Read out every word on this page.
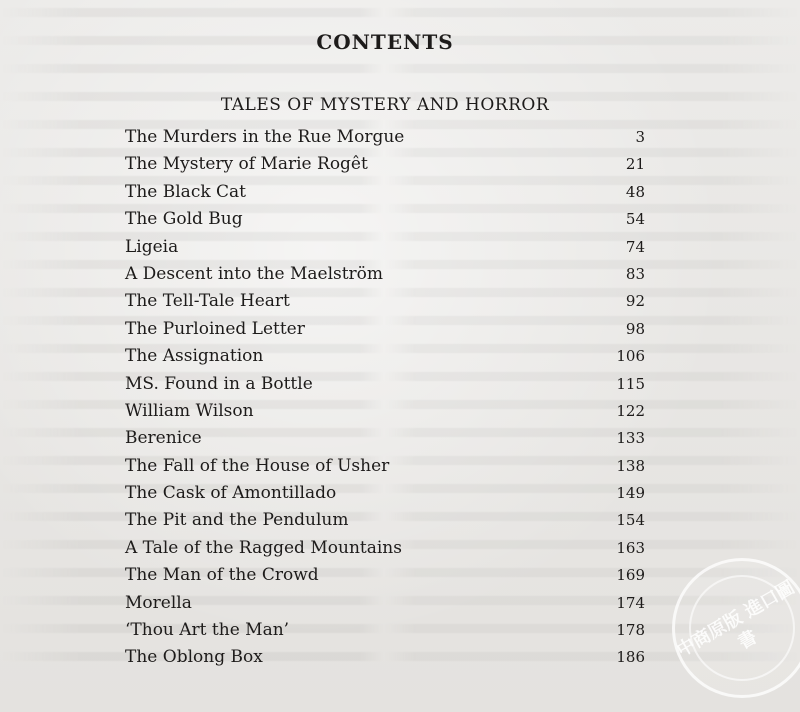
CONTENTS
TALES OF MYSTERY AND HORROR
The Murders in the Rue Morgue	3
The Mystery of Marie Rogêt	21
The Black Cat	48
The Gold Bug	54
Ligeia	74
A Descent into the Maelström	83
The Tell-Tale Heart	92
The Purloined Letter	98
The Assignation	106
MS. Found in a Bottle	115
William Wilson	122
Berenice	133
The Fall of the House of Usher	138
The Cask of Amontillado	149
The Pit and the Pendulum	154
A Tale of the Ragged Mountains	163
The Man of the Crowd	169
Morella	174
‘Thou Art the Man’	178
The Oblong Box	186 中商原版 進口圖書
